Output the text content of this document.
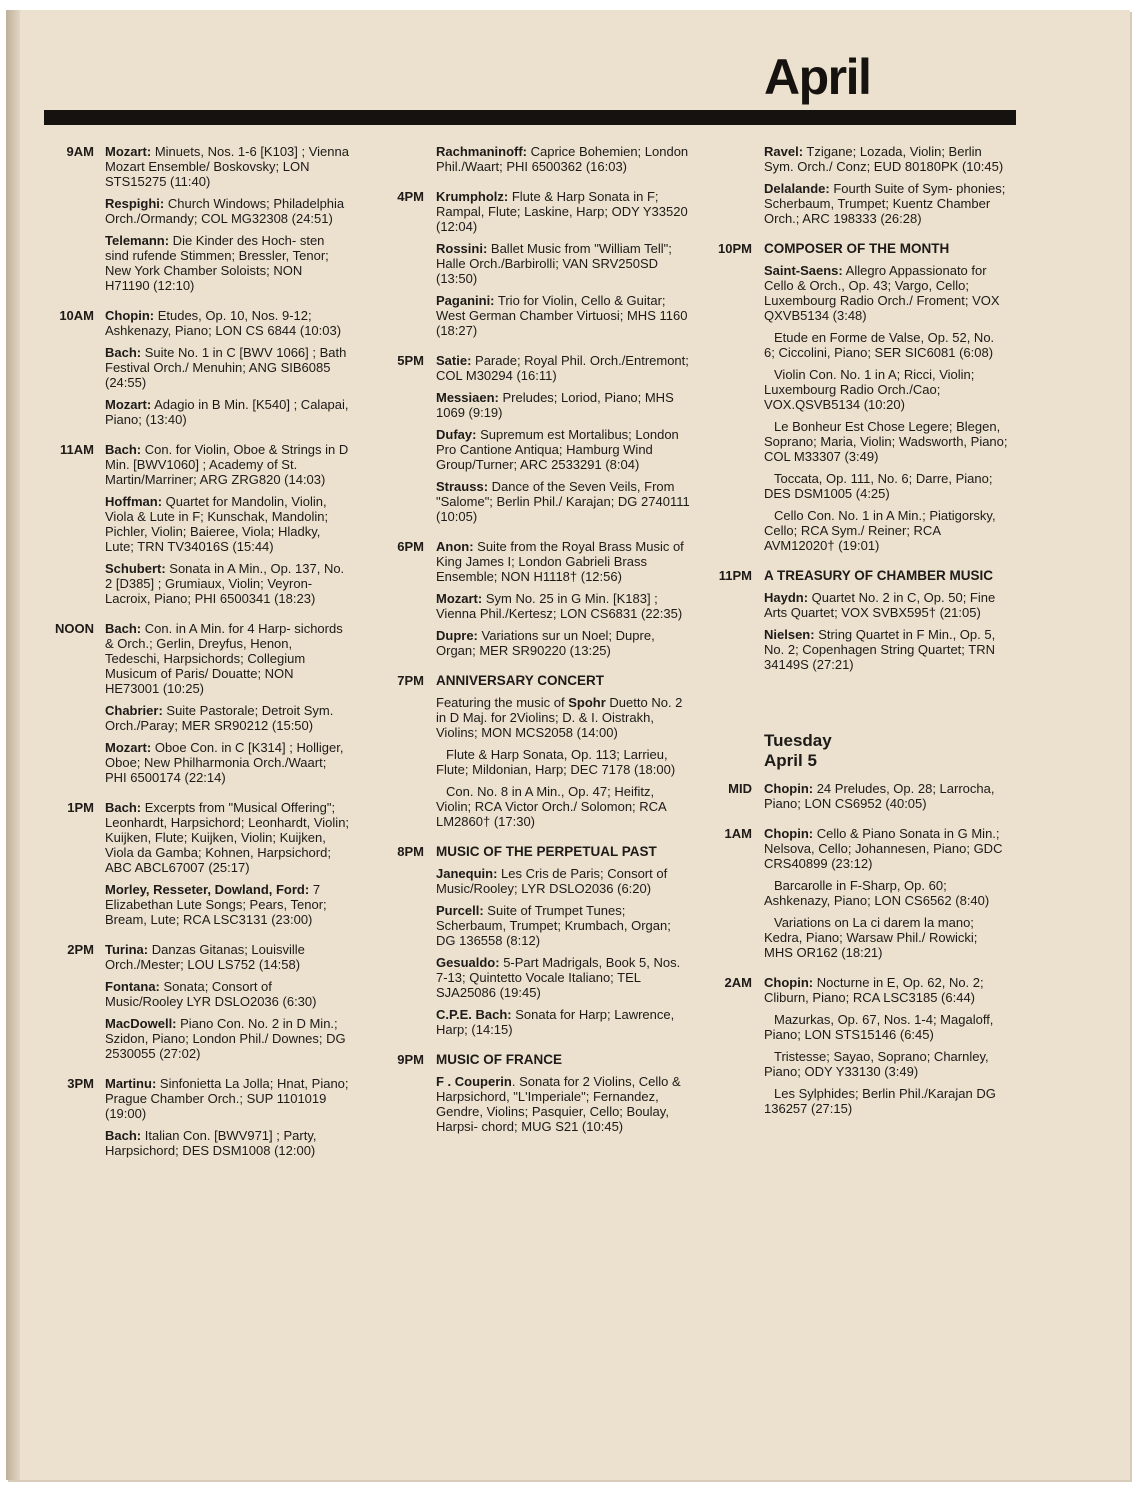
April
9AM Mozart: Minuets, Nos. 1-6 [K103] ; Vienna Mozart Ensemble/ Boskovsky; LON STS15275 (11:40)
Respighi: Church Windows; Philadelphia Orch./Ormandy; COL MG32308 (24:51)
Telemann: Die Kinder des Hoch- sten sind rufende Stimmen; Bressler, Tenor; New York Chamber Soloists; NON H71190 (12:10)
10AM Chopin: Etudes, Op. 10, Nos. 9-12; Ashkenazy, Piano; LON CS 6844 (10:03)
Bach: Suite No. 1 in C [BWV 1066] ; Bath Festival Orch./ Menuhin; ANG SIB6085 (24:55)
Mozart: Adagio in B Min. [K540] ; Calapai, Piano; (13:40)
11AM Bach: Con. for Violin, Oboe & Strings in D Min. [BWV1060] ; Academy of St. Martin/Marriner; ARG ZRG820 (14:03)
Hoffman: Quartet for Mandolin, Violin, Viola & Lute in F; Kunschak, Mandolin; Pichler, Violin; Baieree, Viola; Hladky, Lute; TRN TV34016S (15:44)
Schubert: Sonata in A Min., Op. 137, No. 2 [D385] ; Grumiaux, Violin; Veyron-Lacroix, Piano; PHI 6500341 (18:23)
NOON Bach: Con. in A Min. for 4 Harp- sichords & Orch.; Gerlin, Dreyfus, Henon, Tedeschi, Harpsichords; Collegium Musicum of Paris/ Douatte; NON HE73001 (10:25)
Chabrier: Suite Pastorale; Detroit Sym. Orch./Paray; MER SR90212 (15:50)
Mozart: Oboe Con. in C [K314] ; Holliger, Oboe; New Philharmonia Orch./Waart; PHI 6500174 (22:14)
1PM Bach: Excerpts from "Musical Offering"; Leonhardt, Harpsichord; Leonhardt, Violin; Kuijken, Flute; Kuijken, Violin; Kuijken, Viola da Gamba; Kohnen, Harpsichord; ABC ABCL67007 (25:17)
Morley, Resseter, Dowland, Ford: 7 Elizabethan Lute Songs; Pears, Tenor; Bream, Lute; RCA LSC3131 (23:00)
2PM Turina: Danzas Gitanas; Louisville Orch./Mester; LOU LS752 (14:58)
Fontana: Sonata; Consort of Music/Rooley LYR DSLO2036 (6:30)
MacDowell: Piano Con. No. 2 in D Min.; Szidon, Piano; London Phil./ Downes; DG 2530055 (27:02)
3PM Martinu: Sinfonietta La Jolla; Hnat, Piano; Prague Chamber Orch.; SUP 1101019 (19:00)
Bach: Italian Con. [BWV971] ; Party, Harpsichord; DES DSM1008 (12:00)
Rachmaninoff: Caprice Bohemien; London Phil./Waart; PHI 6500362 (16:03)
4PM Krumpholz: Flute & Harp Sonata in F; Rampal, Flute; Laskine, Harp; ODY Y33520 (12:04)
Rossini: Ballet Music from "William Tell"; Halle Orch./Barbirolli; VAN SRV250SD (13:50)
Paganini: Trio for Violin, Cello & Guitar; West German Chamber Virtuosi; MHS 1160 (18:27)
5PM Satie: Parade; Royal Phil. Orch./Entremont; COL M30294 (16:11)
Messiaen: Preludes; Loriod, Piano; MHS 1069 (9:19)
Dufay: Supremum est Mortalibus; London Pro Cantione Antiqua; Hamburg Wind Group/Turner; ARC 2533291 (8:04)
Strauss: Dance of the Seven Veils, From "Salome"; Berlin Phil./ Karajan; DG 2740111 (10:05)
6PM Anon: Suite from the Royal Brass Music of King James I; London Gabrieli Brass Ensemble; NON H1118† (12:56)
Mozart: Sym No. 25 in G Min. [K183] ; Vienna Phil./Kertesz; LON CS6831 (22:35)
Dupre: Variations sur un Noel; Dupre, Organ; MER SR90220 (13:25)
7PM ANNIVERSARY CONCERT
Featuring the music of Spohr Duetto No. 2 in D Maj. for 2Violins; D. & I. Oistrakh, Violins; MON MCS2058 (14:00)
Flute & Harp Sonata, Op. 113; Larrieu, Flute; Mildonian, Harp; DEC 7178 (18:00)
Con. No. 8 in A Min., Op. 47; Heifitz, Violin; RCA Victor Orch./ Solomon; RCA LM2860† (17:30)
8PM MUSIC OF THE PERPETUAL PAST
Janequin: Les Cris de Paris; Consort of Music/Rooley; LYR DSLO2036 (6:20)
Purcell: Suite of Trumpet Tunes; Scherbaum, Trumpet; Krumbach, Organ; DG 136558 (8:12)
Gesualdo: 5-Part Madrigals, Book 5, Nos. 7-13; Quintetto Vocale Italiano; TEL SJA25086 (19:45)
C.P.E. Bach: Sonata for Harp; Lawrence, Harp; (14:15)
9PM MUSIC OF FRANCE
F . Couperin. Sonata for 2 Violins, Cello & Harpsichord, "L'Imperiale"; Fernandez, Gendre, Violins; Pasquier, Cello; Boulay, Harpsi- chord; MUG S21 (10:45)
Ravel: Tzigane; Lozada, Violin; Berlin Sym. Orch./ Conz; EUD 80180PK (10:45)
Delalande: Fourth Suite of Sym- phonies; Scherbaum, Trumpet; Kuentz Chamber Orch.; ARC 198333 (26:28)
10PM COMPOSER OF THE MONTH
Saint-Saens: Allegro Appassionato for Cello & Orch., Op. 43; Vargo, Cello; Luxembourg Radio Orch./ Froment; VOX QXVB5134 (3:48)
Etude en Forme de Valse, Op. 52, No. 6; Ciccolini, Piano; SER SIC6081 (6:08)
Violin Con. No. 1 in A; Ricci, Violin; Luxembourg Radio Orch./Cao; VOX.QSVB5134 (10:20)
Le Bonheur Est Chose Legere; Blegen, Soprano; Maria, Violin; Wadsworth, Piano; COL M33307 (3:49)
Toccata, Op. 111, No. 6; Darre, Piano; DES DSM1005 (4:25)
Cello Con. No. 1 in A Min.; Piatigorsky, Cello; RCA Sym./ Reiner; RCA AVM12020† (19:01)
11PM A TREASURY OF CHAMBER MUSIC
Haydn: Quartet No. 2 in C, Op. 50; Fine Arts Quartet; VOX SVBX595† (21:05)
Nielsen: String Quartet in F Min., Op. 5, No. 2; Copenhagen String Quartet; TRN 34149S (27:21)
Tuesday
April 5
MID Chopin: 24 Preludes, Op. 28; Larrocha, Piano; LON CS6952 (40:05)
1AM Chopin: Cello & Piano Sonata in G Min.; Nelsova, Cello; Johannesen, Piano; GDC CRS40899 (23:12)
Barcarolle in F-Sharp, Op. 60; Ashkenazy, Piano; LON CS6562 (8:40)
Variations on La ci darem la mano; Kedra, Piano; Warsaw Phil./ Rowicki; MHS OR162 (18:21)
2AM Chopin: Nocturne in E, Op. 62, No. 2; Cliburn, Piano; RCA LSC3185 (6:44)
Mazurkas, Op. 67, Nos. 1-4; Magaloff, Piano; LON STS15146 (6:45)
Tristesse; Sayao, Soprano; Charnley, Piano; ODY Y33130 (3:49)
Les Sylphides; Berlin Phil./Karajan DG 136257 (27:15)
